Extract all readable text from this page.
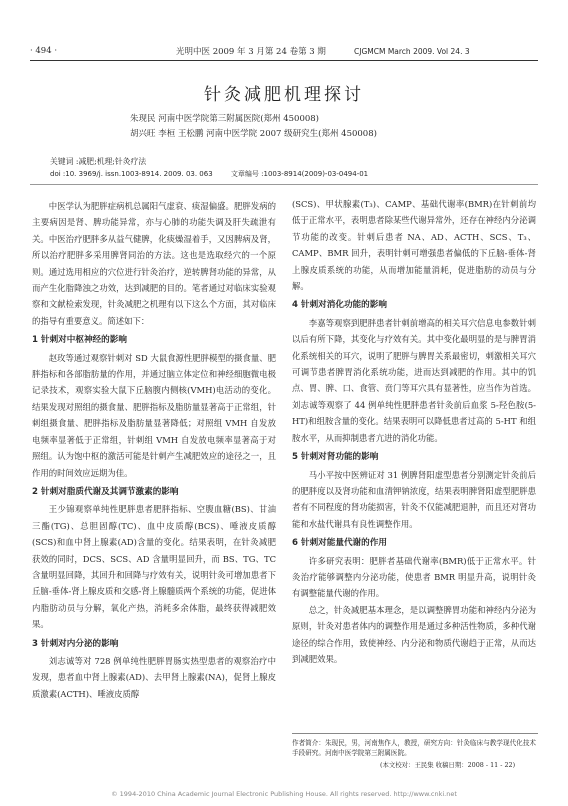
· 494 ·	光明中医 2009 年 3 月第 24 卷第 3 期	CJGMCM March 2009. Vol 24. 3
针灸减肥机理探讨
朱现民 河南中医学院第三附属医院(郑州 450008)
胡兴旺 李桓 王松鹏 河南中医学院 2007 级研究生(郑州 450008)
关键词 :减肥;机理;针灸疗法
doi :10. 3969/j. issn.1003-8914. 2009. 03. 063	文章编号 :1003-8914(2009)-03-0494-01

中医学认为肥胖症病机总属阳气虚衰、痰湿偏盛。肥胖发病的主要病因是肾、脾功能异常，亦与心肺的功能失调及肝失疏泄有关。中医治疗肥胖多从益气健脾，化痰燥湿着手，又因脾病及肾，所以治疗肥胖多采用脾肾同治的方法。这也是选取经穴的一个原则。通过选用相应的穴位进行针灸治疗，逆转脾肾功能的异常，从而产生化脂降浊之功效，达到减肥的目的。笔者通过对临床实验观察和文献检索发现，针灸减肥之机理有以下这么个方面，其对临床的指导有重要意义。简述如下：

1 针刺对中枢神经的影响

赵玫等通过观察针刺对 SD 大鼠食源性肥胖模型的摄食量、肥胖指标和各部脂肪量的作用，并通过脑立体定位和神经细胞微电极记录技术，观察实验大鼠下丘脑腹内侧核(VMH)电活动的变化。结果发现对照组的摄食量、肥胖指标及脂肪量显著高于正常组，针刺组摄食量、肥胖指标及脂肪量显著降低；对照组 VMH 自发放电频率显著低于正常组，针刺组 VMH 自发放电频率显著高于对照组。认为饱中枢的激活可能是针刺产生减肥效应的途径之一，且作用的时间效应远期为佳。

2 针刺对脂质代谢及其调节激素的影响

王少锦观察单纯性肥胖患者肥胖指标、空腹血糖(BS)、甘油三酯(TG)、总胆固醇(TC)、血中皮质醇(BCS)、唾液皮质醇(SCS)和血中肾上腺素(AD)含量的变化。结果表明，在针灸减肥获效的同时，DCS、SCS、AD 含量明显回升，而 BS、TG、TC 含量明显回降，其回升和回降与疗效有关，说明针灸可增加患者下丘脑-垂体-肾上腺皮质和交感-肾上腺髓质两个系统的功能，促进体内脂肪动员与分解，氧化产热，消耗多余体脂，最终获得减肥效果。

3 针刺对内分泌的影响

刘志诚等对 728 例单纯性肥胖胃肠实热型患者的观察治疗中发现，患者血中肾上腺素(AD)、去甲肾上腺素(NA)，促肾上腺皮质激素(ACTH)、唾液皮质醇

(SCS)、甲状腺素(T₃)、CAMP、基础代谢率(BMR)在针刺前均低于正常水平，表明患者除某些代谢异常外，还存在神经内分泌调节功能的改变。针刺后患者 NA、AD、ACTH、SCS、T₃、CAMP、BMR 回升，表明针刺可增强患者偏低的下丘脑-垂体-肾上腺皮质系统的功能，从而增加能量消耗，促进脂肪的动员与分解。

4 针刺对消化功能的影响

李嘉等观察到肥胖患者针刺前增高的相关耳穴信息电参数针刺以后有所下降，其变化与疗效有关。其中变化最明显的是与脾胃消化系统相关的耳穴，说明了肥胖与脾胃关系最密切，刺激相关耳穴可调节患者脾胃消化系统功能，进而达到减肥的作用。其中的饥点、胃、脾、口、食管、贲门等耳穴具有显著性，应当作为首选。刘志诚等观察了 44 例单纯性肥胖患者针灸前后血浆 5-羟色胺(5-HT)和组胺含量的变化。结果表明可以降低患者过高的 5-HT 和组胺水平，从而抑制患者亢进的消化功能。

5 针刺对肾功能的影响

马小平按中医辨证对 31 例脾肾阳虚型患者分别测定针灸前后的肥胖度以及肾功能和血清钾钠浓度，结果表明脾肾阳虚型肥胖患者有不同程度的肾功能损害，针灸不仅能减肥退肿，而且还对肾功能和水盐代谢具有良性调整作用。

6 针刺对能量代谢的作用

许多研究表明：肥胖者基础代谢率(BMR)低于正常水平。针灸治疗能够调整内分泌功能，使患者 BMR 明显升高，说明针灸有调整能量代谢的作用。

总之，针灸减肥基本理念，是以调整脾胃功能和神经内分泌为原则，针灸对患者体内的调整作用是通过多种活性物质，多种代谢途径的综合作用，致使神经、内分泌和物质代谢趋于正常，从而达到减肥效果。

作者简介：朱现民，男，河南焦作人，教授，研究方向：针灸临床与教学现代化技术手段研究。河南中医学院第三附属医院。
(本文校对：王民集 收稿日期：2008 - 11 - 22)
© 1994-2010 China Academic Journal Electronic Publishing House. All rights reserved. http://www.cnki.net
